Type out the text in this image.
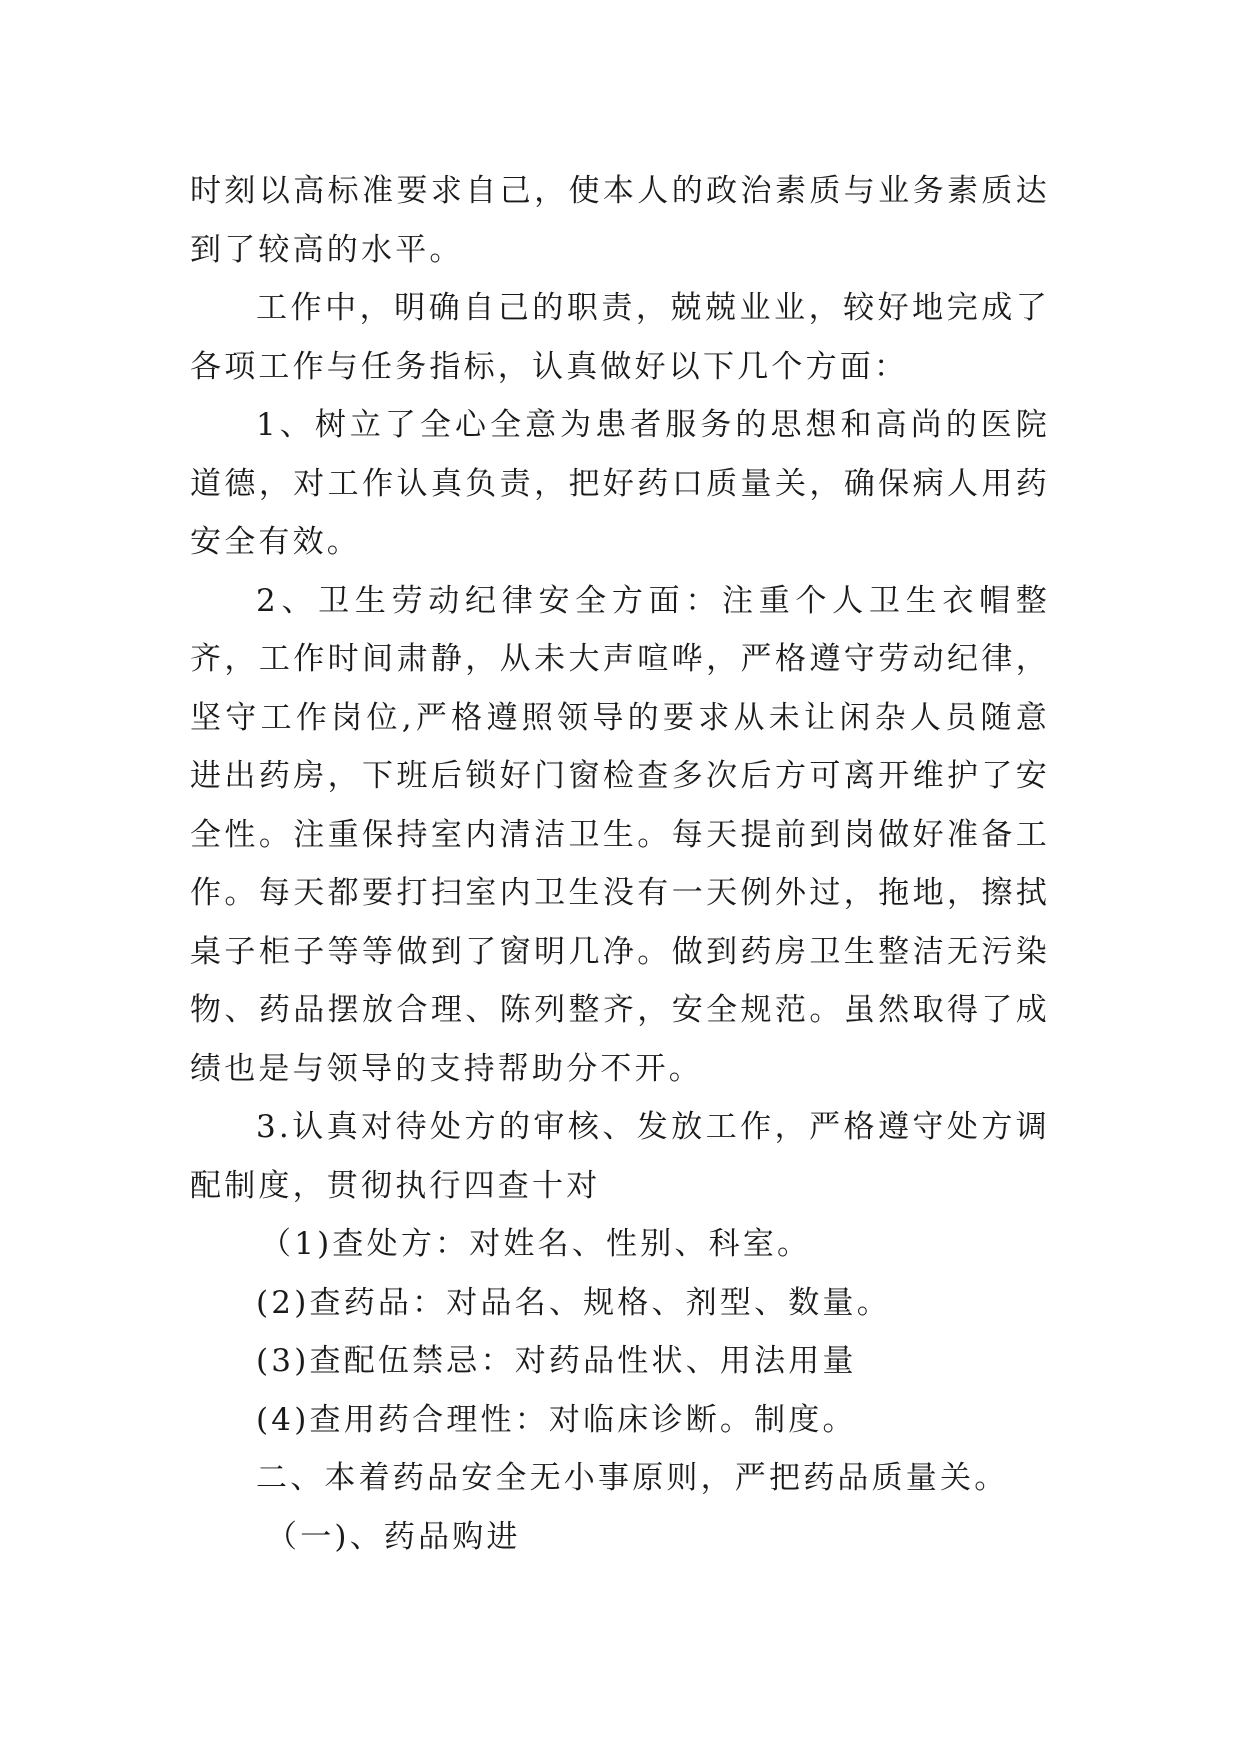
时刻以高标准要求自己，使本人的政治素质与业务素质达到了较高的水平。

工作中，明确自己的职责，兢兢业业，较好地完成了各项工作与任务指标，认真做好以下几个方面：

1、树立了全心全意为患者服务的思想和高尚的医院道德，对工作认真负责，把好药口质量关，确保病人用药安全有效。

2、卫生劳动纪律安全方面：注重个人卫生衣帽整齐，工作时间肃静，从未大声喧哗，严格遵守劳动纪律，坚守工作岗位,严格遵照领导的要求从未让闲杂人员随意进出药房，下班后锁好门窗检查多次后方可离开维护了安全性。注重保持室内清洁卫生。每天提前到岗做好准备工作。每天都要打扫室内卫生没有一天例外过，拖地，擦拭桌子柜子等等做到了窗明几净。做到药房卫生整洁无污染物、药品摆放合理、陈列整齐，安全规范。虽然取得了成绩也是与领导的支持帮助分不开。

3.认真对待处方的审核、发放工作，严格遵守处方调配制度，贯彻执行四查十对

（1)查处方：对姓名、性别、科室。

(2)查药品：对品名、规格、剂型、数量。

(3)查配伍禁忌：对药品性状、用法用量

(4)查用药合理性：对临床诊断。制度。

二、本着药品安全无小事原则，严把药品质量关。

（一)、药品购进
